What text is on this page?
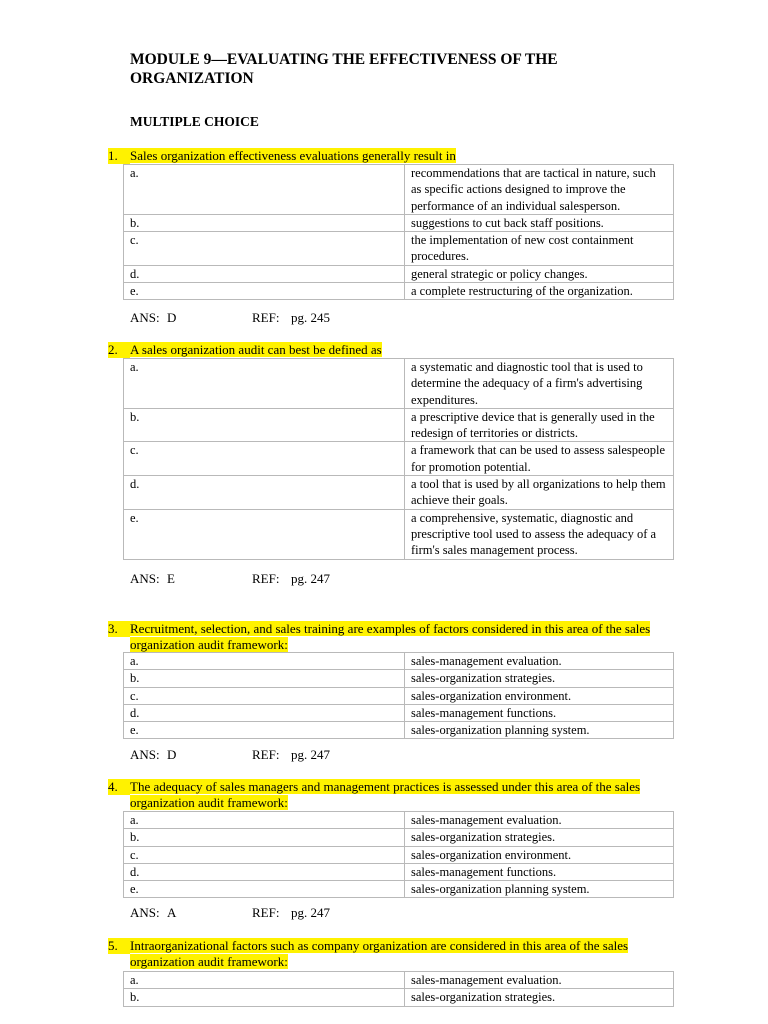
MODULE 9—EVALUATING THE EFFECTIVENESS OF THE ORGANIZATION
MULTIPLE CHOICE
1. Sales organization effectiveness evaluations generally result in
a.	recommendations that are tactical in nature, such as specific actions designed to improve the performance of an individual salesperson.
b.	suggestions to cut back staff positions.
c.	the implementation of new cost containment procedures.
d.	general strategic or policy changes.
e.	a complete restructuring of the organization.
ANS: D	REF: pg. 245
2. A sales organization audit can best be defined as
a.	a systematic and diagnostic tool that is used to determine the adequacy of a firm's advertising expenditures.
b.	a prescriptive device that is generally used in the redesign of territories or districts.
c.	a framework that can be used to assess salespeople for promotion potential.
d.	a tool that is used by all organizations to help them achieve their goals.
e.	a comprehensive, systematic, diagnostic and prescriptive tool used to assess the adequacy of a firm's sales management process.
ANS: E	REF: pg. 247
3. Recruitment, selection, and sales training are examples of factors considered in this area of the sales organization audit framework:
a.	sales-management evaluation.
b.	sales-organization strategies.
c.	sales-organization environment.
d.	sales-management functions.
e.	sales-organization planning system.
ANS: D	REF: pg. 247
4. The adequacy of sales managers and management practices is assessed under this area of the sales organization audit framework:
a.	sales-management evaluation.
b.	sales-organization strategies.
c.	sales-organization environment.
d.	sales-management functions.
e.	sales-organization planning system.
ANS: A	REF: pg. 247
5. Intraorganizational factors such as company organization are considered in this area of the sales organization audit framework:
a.	sales-management evaluation.
b.	sales-organization strategies.
